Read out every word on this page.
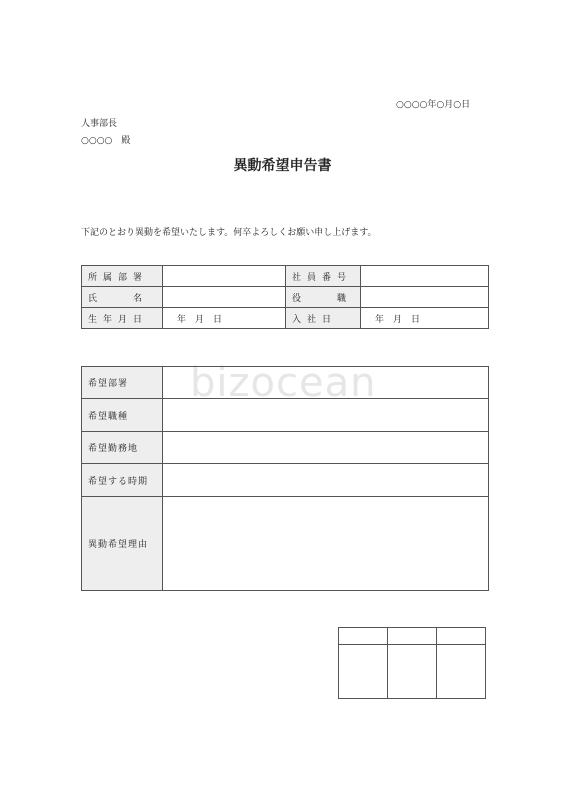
○○○○年○月○日
人事部長
○○○○　殿
異動希望申告書
下記のとおり異動を希望いたします。何卒よろしくお願い申し上げます。
所属部署		社員番号	
氏　　名		役　　職	
生年月日	年　月　日	入社日	年　月　日
bizocean
希望部署	
希望職種	
希望勤務地	
希望する時期	
異動希望理由	
